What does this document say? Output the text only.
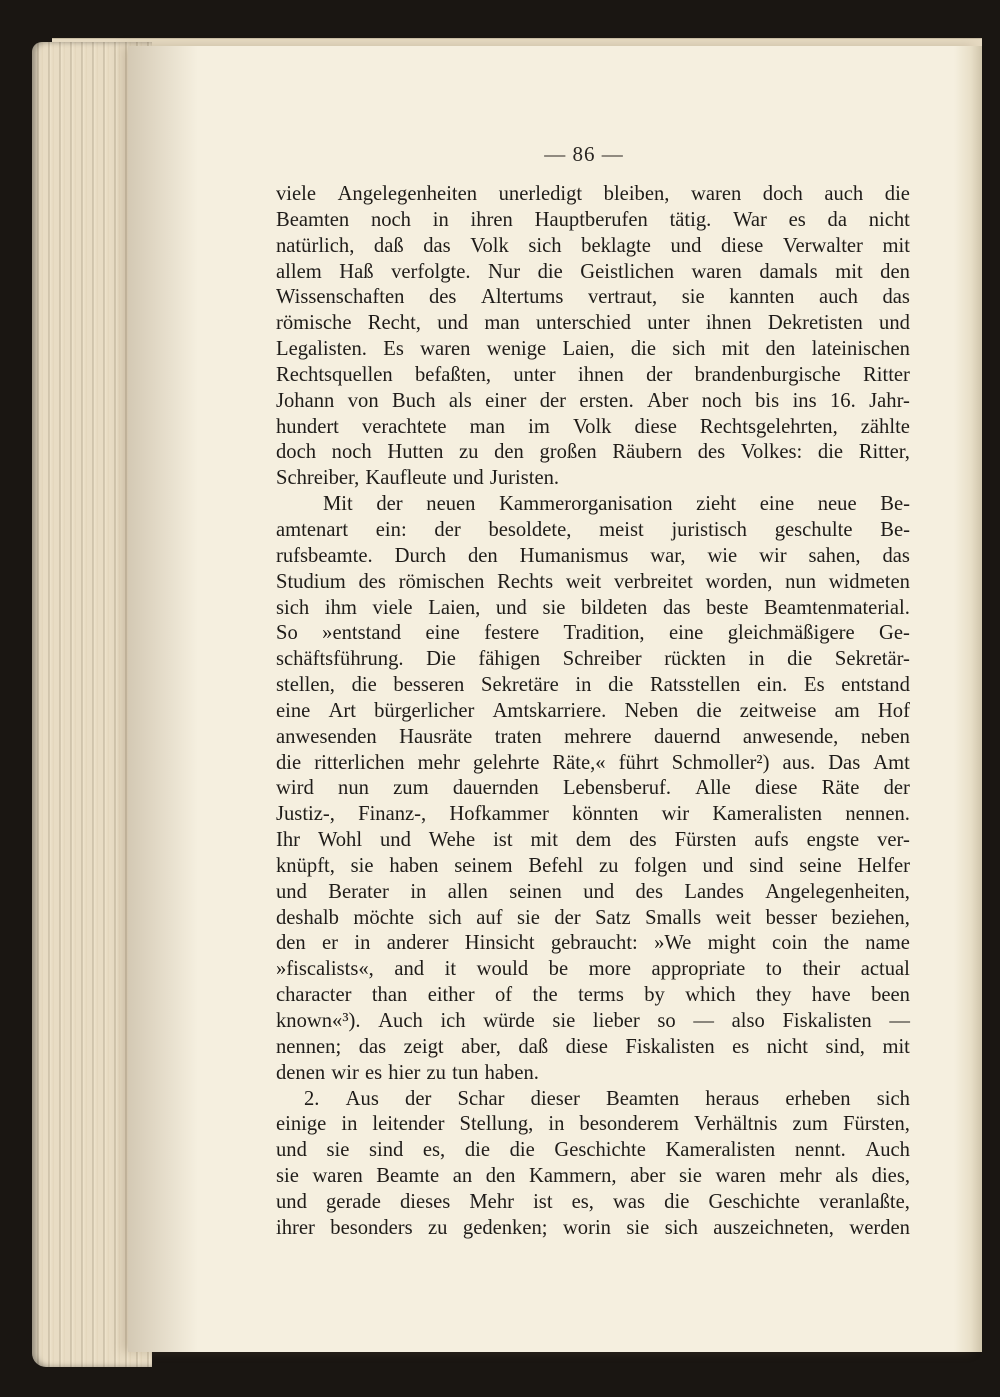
— 86 —
viele Angelegenheiten unerledigt bleiben, waren doch auch die
Beamten noch in ihren Hauptberufen tätig. War es da nicht
natürlich, daß das Volk sich beklagte und diese Verwalter mit
allem Haß verfolgte. Nur die Geistlichen waren damals mit den
Wissenschaften des Altertums vertraut, sie kannten auch das
römische Recht, und man unterschied unter ihnen Dekretisten und
Legalisten. Es waren wenige Laien, die sich mit den lateinischen
Rechtsquellen befaßten, unter ihnen der brandenburgische Ritter
Johann von Buch als einer der ersten. Aber noch bis ins 16. Jahr-
hundert verachtete man im Volk diese Rechtsgelehrten, zählte
doch noch Hutten zu den großen Räubern des Volkes: die Ritter,
Schreiber, Kaufleute und Juristen.
Mit der neuen Kammerorganisation zieht eine neue Be-
amtenart ein: der besoldete, meist juristisch geschulte Be-
rufsbeamte. Durch den Humanismus war, wie wir sahen, das
Studium des römischen Rechts weit verbreitet worden, nun widmeten
sich ihm viele Laien, und sie bildeten das beste Beamtenmaterial.
So »entstand eine festere Tradition, eine gleichmäßigere Ge-
schäftsführung. Die fähigen Schreiber rückten in die Sekretär-
stellen, die besseren Sekretäre in die Ratsstellen ein. Es entstand
eine Art bürgerlicher Amtskarriere. Neben die zeitweise am Hof
anwesenden Hausräte traten mehrere dauernd anwesende, neben
die ritterlichen mehr gelehrte Räte,« führt Schmoller²) aus. Das Amt
wird nun zum dauernden Lebensberuf. Alle diese Räte der
Justiz-, Finanz-, Hofkammer könnten wir Kameralisten nennen.
Ihr Wohl und Wehe ist mit dem des Fürsten aufs engste ver-
knüpft, sie haben seinem Befehl zu folgen und sind seine Helfer
und Berater in allen seinen und des Landes Angelegenheiten,
deshalb möchte sich auf sie der Satz Smalls weit besser beziehen,
den er in anderer Hinsicht gebraucht: »We might coin the name
»fiscalists«, and it would be more appropriate to their actual
character than either of the terms by which they have been
known«³). Auch ich würde sie lieber so — also Fiskalisten —
nennen; das zeigt aber, daß diese Fiskalisten es nicht sind, mit
denen wir es hier zu tun haben.
2. Aus der Schar dieser Beamten heraus erheben sich
einige in leitender Stellung, in besonderem Verhältnis zum Fürsten,
und sie sind es, die die Geschichte Kameralisten nennt. Auch
sie waren Beamte an den Kammern, aber sie waren mehr als dies,
und gerade dieses Mehr ist es, was die Geschichte veranlaßte,
ihrer besonders zu gedenken; worin sie sich auszeichneten, werden
